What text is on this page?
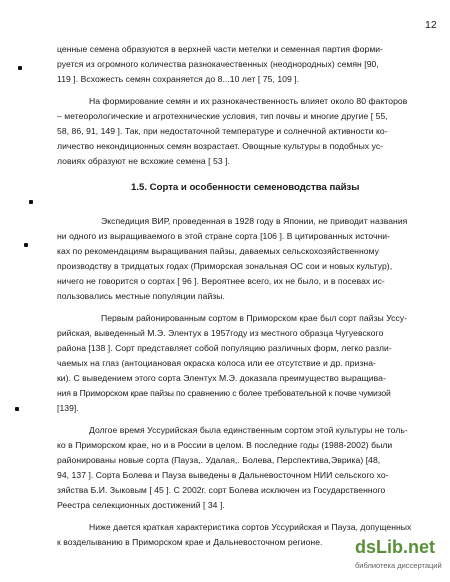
12
ценные семена образуются в верхней части метелки и семенная партия форми-
руется из огромного количества разнокачественных (неоднородных) семян [90,
119 ]. Всхожесть семян сохраняется до 8...10 лет [ 75, 109 ].
На формирование семян и их разнокачественность влияет около 80 факторов
– метеорологические и агротехнические условия, тип почвы и многие другие [ 55,
58, 86, 91, 149 ]. Так, при недостаточной температуре и солнечной активности ко-
личество некондиционных семян возрастает. Овощные культуры в подобных ус-
ловиях образуют не всхожие семена [ 53 ].
1.5. Сорта и особенности семеноводства пайзы
Экспедиция ВИР, проведенная в 1928 году в Японии, не приводит названия
ни одного из выращиваемого в этой стране сорта [106 ]. В цитированных источни-
ках по рекомендациям выращивания пайзы, даваемых сельскохозяйственному
производству в тридцатых годах (Приморская зональная ОС сои и новых культур),
ничего не говорится о сортах [ 96 ]. Вероятнее всего, их не было, и в посевах ис-
пользовались местные популяции пайзы.
Первым районированным сортом в Приморском крае был сорт пайзы Уссу-
рийская, выведенный М.Э. Элентух в 1957году из местного образца Чугуевского
района [138 ]. Сорт представляет собой популяцию различных форм, легко разли-
чаемых на глаз (антоциановая окраска колоса или ее отсутствие и др. призна-
ки). С выведением этого сорта Элентух М.Э. доказала преимущество выращива-
ния в Приморском крае пайзы по сравнению с более требовательной к почве чумизой
[139].
Долгое время Уссурийская была единственным сортом этой культуры не толь-
ко в Приморском крае, но и в России в целом. В последние годы (1988-2002) были
районированы новые сорта (Пауза,. Удалая,. Болева, Перспектива,Эврика) [48,
94, 137 ]. Сорта Болева и Пауза выведены в Дальневосточном НИИ сельского хо-
зяйства Б.И. Зыковым [ 45 ]. С 2002г. сорт Болева исключен из Государственного
Реестра селекционных достижений [ 34 ].
Ниже дается краткая характеристика сортов Уссурийская и Пауза, допущенных
к возделыванию в Приморском крае и Дальневосточном регионе. dsLib.net
библиотека диссертаций
